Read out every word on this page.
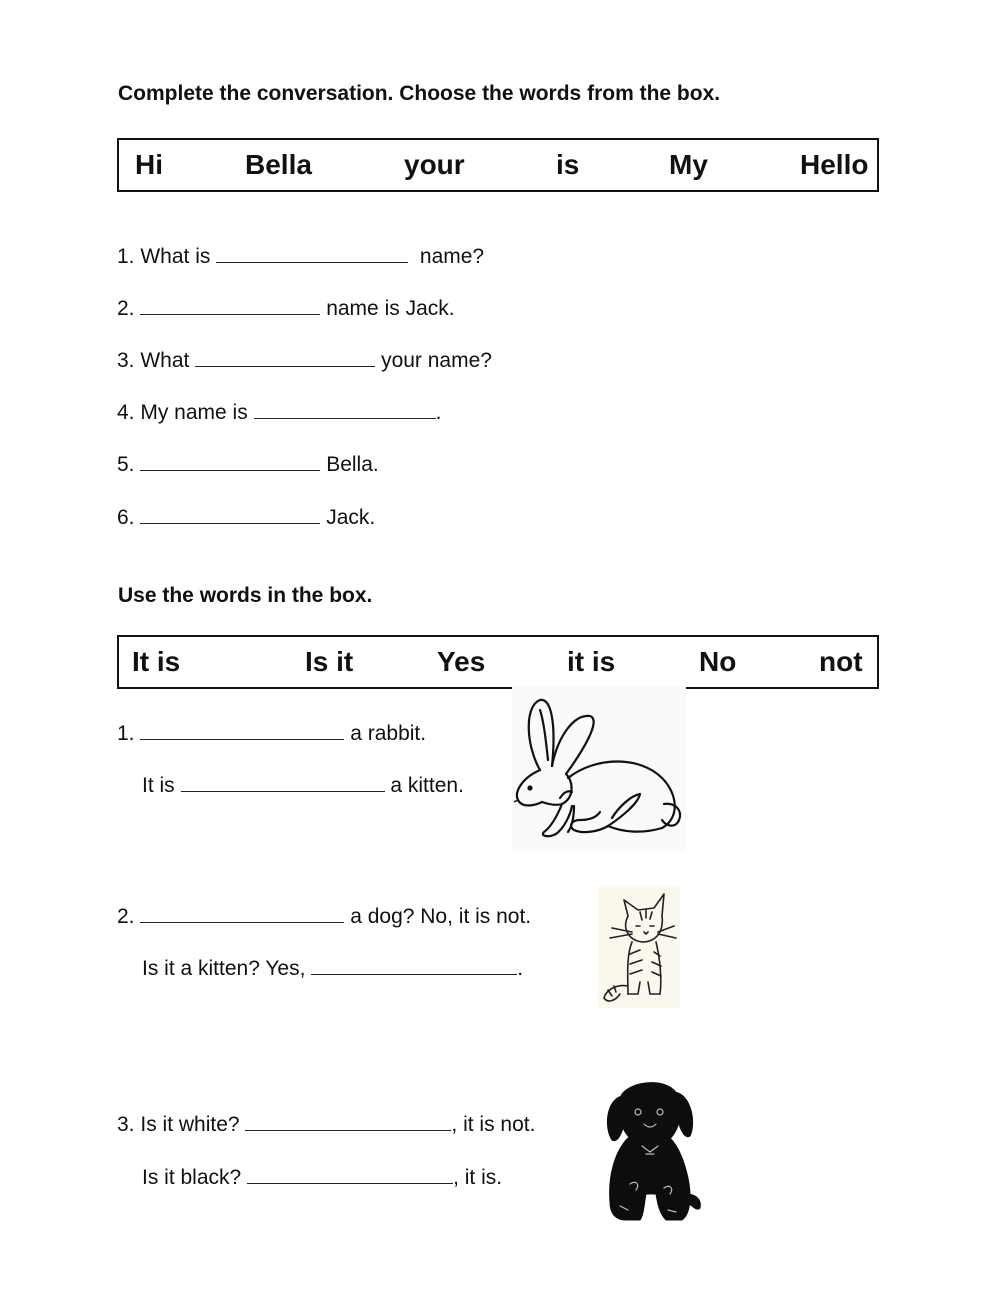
Complete the conversation. Choose the words from the box.
Hi	Bella	your	is	My	Hello
1. What is	name?
2.	name is Jack.
3. What	your name?
4. My name is	.
5.	Bella.
6.	Jack.
Use the words in the box.
It is	Is it	Yes	it is	No	not
1.	a rabbit.
It is	a kitten.
2.	a dog? No, it is not.
Is it a kitten? Yes,	.
3. Is it white?	, it is not.
Is it black?	, it is.
